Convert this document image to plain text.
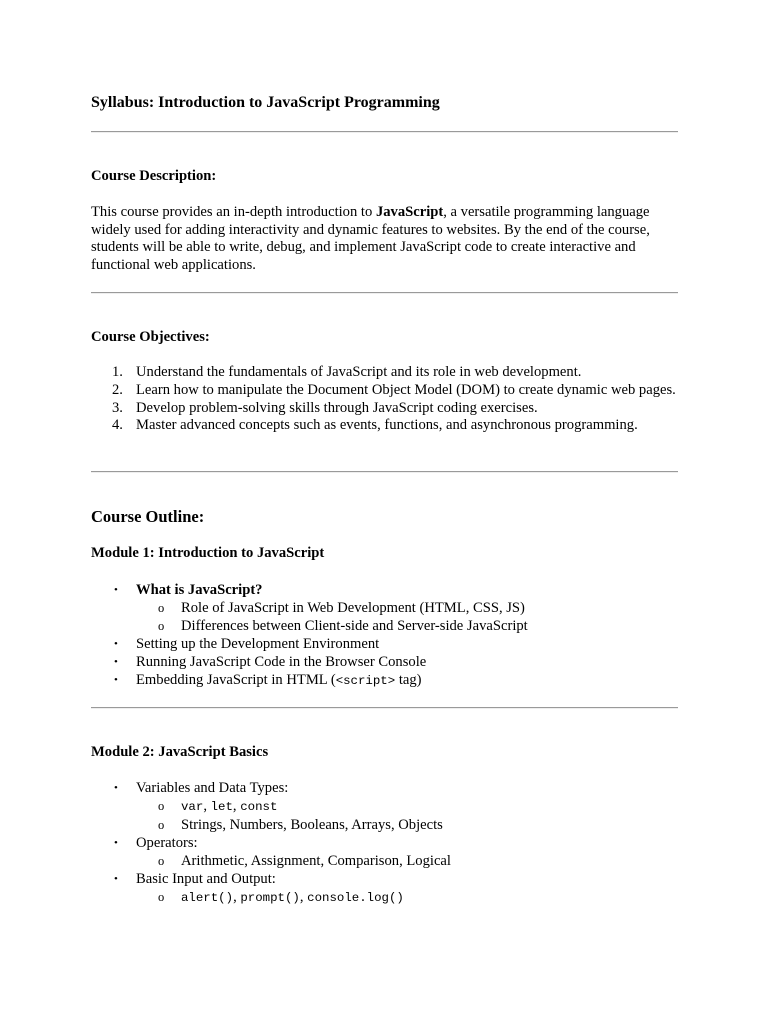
Syllabus: Introduction to JavaScript Programming
Course Description:

This course provides an in-depth introduction to JavaScript, a versatile programming language widely used for adding interactivity and dynamic features to websites. By the end of the course, students will be able to write, debug, and implement JavaScript code to create interactive and functional web applications.

Course Objectives:
1. Understand the fundamentals of JavaScript and its role in web development.
2. Learn how to manipulate the Document Object Model (DOM) to create dynamic web pages.
3. Develop problem-solving skills through JavaScript coding exercises.
4. Master advanced concepts such as events, functions, and asynchronous programming.
Course Outline:
Module 1: Introduction to JavaScript
• What is JavaScript?
o Role of JavaScript in Web Development (HTML, CSS, JS)
o Differences between Client-side and Server-side JavaScript
• Setting up the Development Environment
• Running JavaScript Code in the Browser Console
• Embedding JavaScript in HTML (<script> tag)
Module 2: JavaScript Basics
• Variables and Data Types:
o var, let, const
o Strings, Numbers, Booleans, Arrays, Objects
• Operators:
o Arithmetic, Assignment, Comparison, Logical
• Basic Input and Output:
o alert(), prompt(), console.log()
